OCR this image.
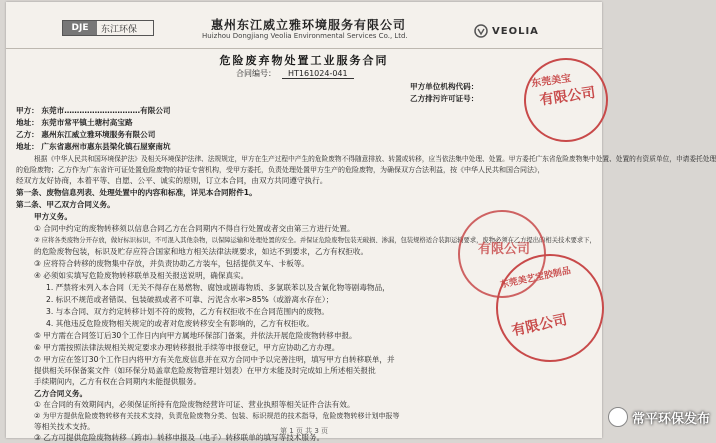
DJE	东江环保	惠州东江威立雅环境服务有限公司
Huizhou Dongjiang Veolia Environmental Services Co., Ltd.	VEOLIA
危险废弃物处置工业服务合同
合同编号： HT161024-041
甲方单位机构代码：
乙方排污许可证号：
甲方： 东莞市…………………………有限公司
地址： 东莞市常平镇土塘村高宝路
乙方： 惠州东江威立雅环境服务有限公司
地址： 广东省惠州市惠东县梁化镇石屋寮南坑
根据《中华人民共和国环境保护法》及相关环境保护法律、法规规定，甲方在生产过程中产生的危险废物不得随意排放、转置或转移，应当依法集中处理、处置。甲方委托广东省危险废物集中处置、处置的有资质单位，申请委托处理
的危险废物；乙方作为广东省许可证处置危险废物的持证专营机构，受甲方委托，负责处理处置甲方生产的危险废物，为确保双方合法利益，按《中华人民共和国合同法》，
经双方友好协商，本着平等、自愿、公平、诚实的原则，订立本合同，由双方共同遵守执行。
第一条、废物信息列表、处理处置中的内容和标准，详见本合同附件1。
第二条、甲乙双方合同义务。
甲方义务。
① 合同中约定的废物转移须以信息合同乙方在合同期内不得自行处置或者交由第三方进行处置。
② 应将各类废物分开存放，做好标识标识，不可混入其他杂物，以保障运输和处理处置的安全。并保证危险废物包装无破损、渗漏，包装规格适合装卸运输要求，废物必须在乙方提出的相关技术要求下，
的危险废物包装，标识及贮存应符合国家和地方相关法律法规要求，如达不到要求，乙方有权拒收。
③ 应将符合转移的废物集中存放，并负责协助乙方装车，包括提供叉车、卡板等。
④ 必须如实填写危险废物转移联单及相关报送说明，确保真实。
1. 严禁将未列入本合同（无关不得存在易燃物、腐蚀或剧毒物质、多氯联苯以及含氰化物等剧毒物品，
2. 标识不规范或者错误、包装破损或者不可靠、污泥含水率>85%（或游离水存在）；
3. 与本合同、双方约定转移计划不符的废物，乙方有权拒收不在合同范围内的废物。
4. 其他违反危险废物相关规定的或者对危废转移安全有影响的，乙方有权拒收。
⑤ 甲方需在合同签订后30个工作日内向甲方属地环保部门备案，并依法开展危险废物转移申报。
⑥ 甲方需按照法律法规相关规定要求办理转移报批手续等申报登记，甲方应协助乙方办理。
⑦ 甲方应在签订30个工作日内将甲方有关危废信息并在双方合同中予以完善注明，填写甲方自转移联单，并
提供相关环保备案文件（如环保分局盖章危险废物管理计划表）在甲方未能及时完成如上所述相关报批
手续期间内，乙方有权在合同期内未能提供服务。
乙方合同义务。
① 在合同的有效期间内，必须保证所持有危险废物经营许可证、营业执照等相关证件合法有效。
② 为甲方提供危险废物转移有关技术支持，负责危险废物分类、包装、标识规范的技术指导，危险废物转移计划申报等
等相关技术支持。
③ 乙方可提供危险废物转移（跨市）转移申报及（电子）转移联单的填写等技术服务。
东莞美宝
有限公司
有限公司
东莞美艺宝胶制品
有限公司
第 1 页 共 3 页
常平环保发布
